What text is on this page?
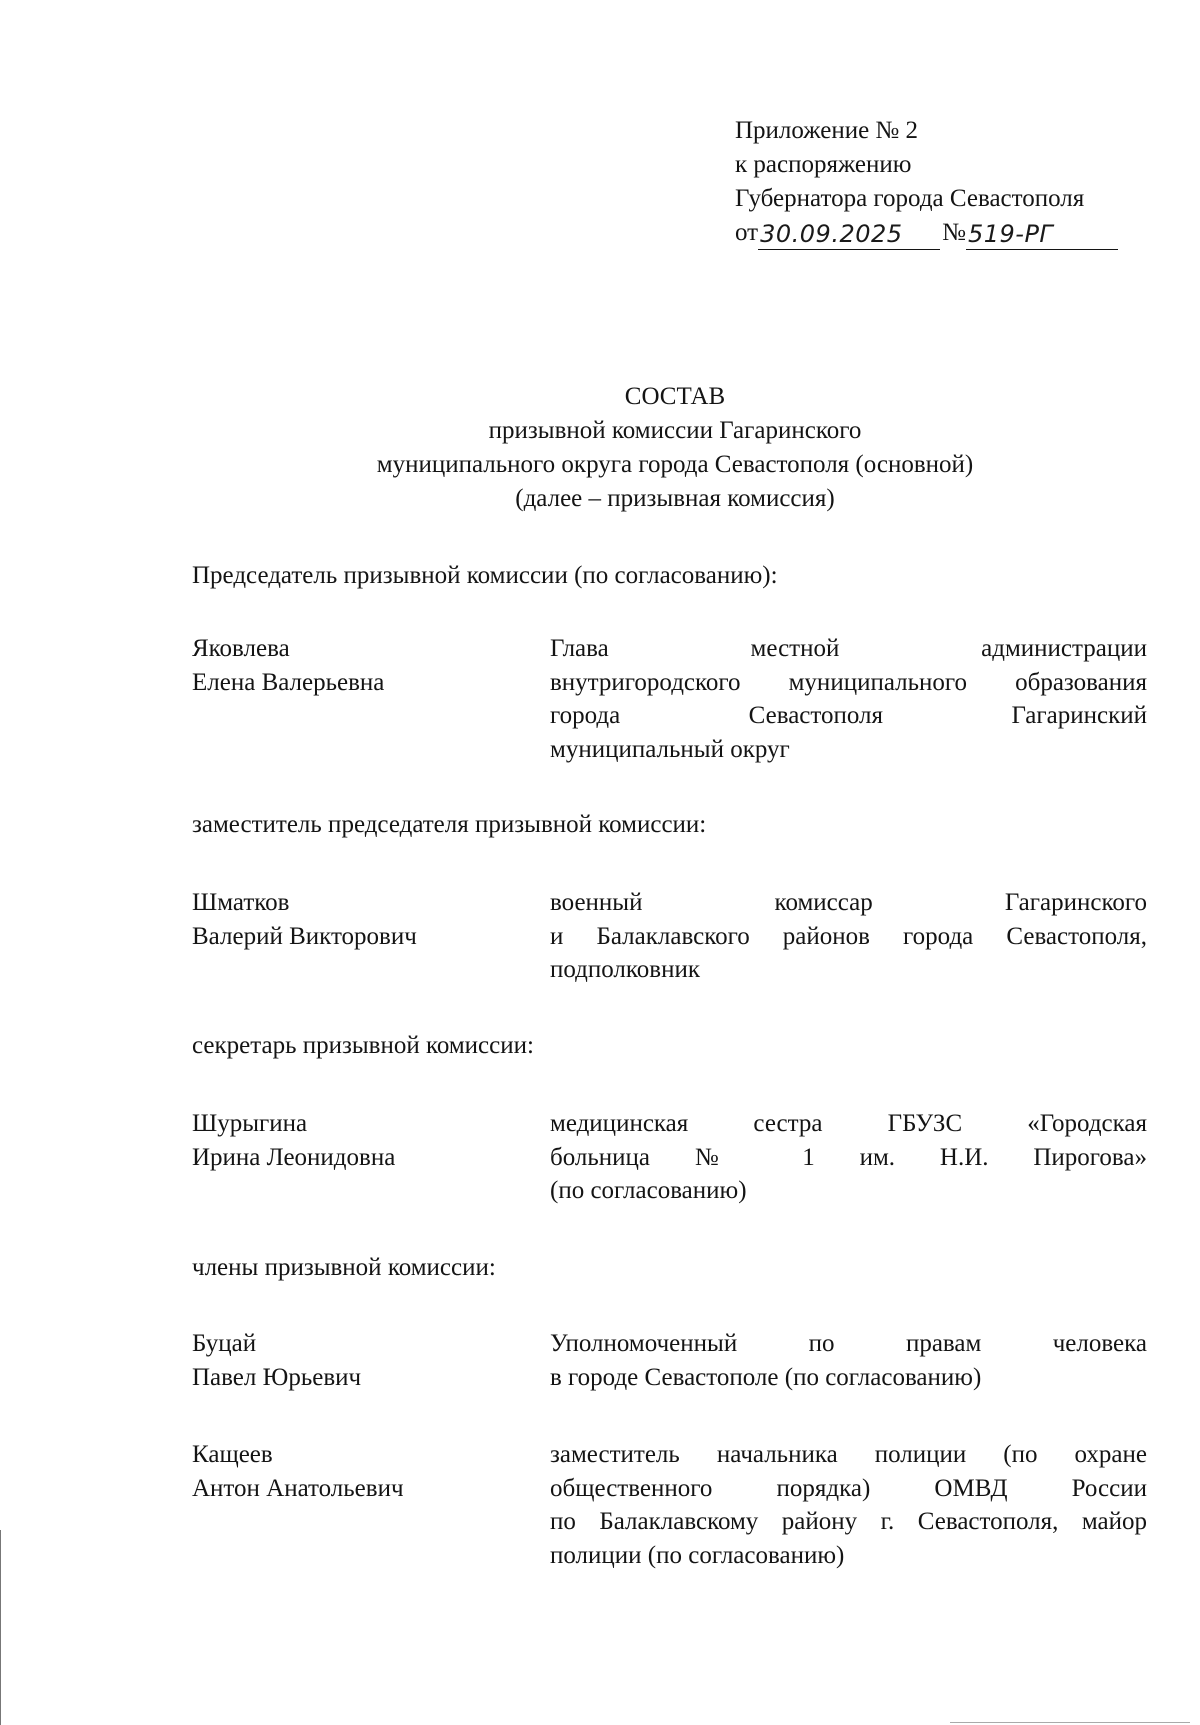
Приложение № 2
к распоряжению
Губернатора города Севастополя
от 30.09.2025	№ 519-РГ
СОСТАВ
призывной комиссии Гагаринского
муниципального округа города Севастополя (основной)
(далее – призывная комиссия)
Председатель призывной комиссии (по согласованию):
Яковлева
Елена Валерьевна
Глава местной администрации
внутригородского муниципального образования
города Севастополя Гагаринский
муниципальный округ
заместитель председателя призывной комиссии:
Шматков
Валерий Викторович
военный комиссар Гагаринского
и Балаклавского районов города Севастополя,
подполковник
секретарь призывной комиссии:
Шурыгина
Ирина Леонидовна
медицинская сестра ГБУЗС «Городская
больница № 1 им. Н.И. Пирогова»
(по согласованию)
члены призывной комиссии:
Буцай
Павел Юрьевич
Уполномоченный по правам человека
в городе Севастополе (по согласованию)
Кащеев
Антон Анатольевич
заместитель начальника полиции (по охране
общественного порядка) ОМВД России
по Балаклавскому району г. Севастополя, майор
полиции (по согласованию)
